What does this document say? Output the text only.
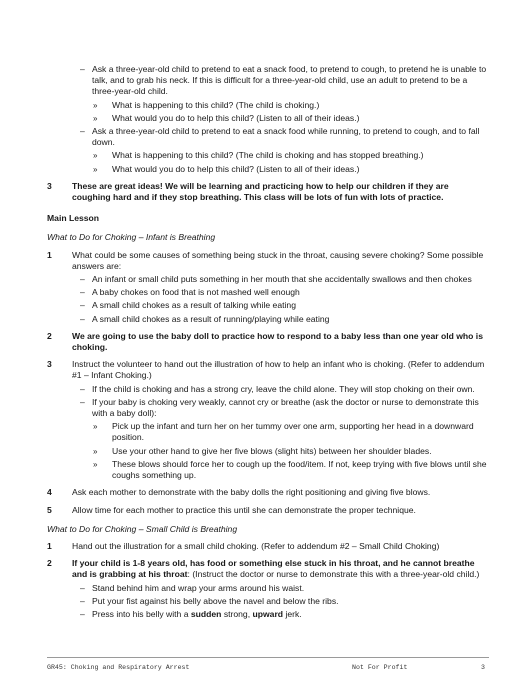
– Ask a three-year-old child to pretend to eat a snack food, to pretend to cough, to pretend he is unable to talk, and to grab his neck. If this is difficult for a three-year-old child, use an adult to pretend to be a three-year-old child.
» What is happening to this child? (The child is choking.)
» What would you do to help this child? (Listen to all of their ideas.)
– Ask a three-year-old child to pretend to eat a snack food while running, to pretend to cough, and to fall down.
» What is happening to this child? (The child is choking and has stopped breathing.)
» What would you do to help this child? (Listen to all of their ideas.)
3 These are great ideas! We will be learning and practicing how to help our children if they are coughing hard and if they stop breathing. This class will be lots of fun with lots of practice.
Main Lesson
What to Do for Choking – Infant is Breathing
1 What could be some causes of something being stuck in the throat, causing severe choking? Some possible answers are:
– An infant or small child puts something in her mouth that she accidentally swallows and then chokes
– A baby chokes on food that is not mashed well enough
– A small child chokes as a result of talking while eating
– A small child chokes as a result of running/playing while eating
2 We are going to use the baby doll to practice how to respond to a baby less than one year old who is choking.
3 Instruct the volunteer to hand out the illustration of how to help an infant who is choking. (Refer to addendum #1 – Infant Choking.)
– If the child is choking and has a strong cry, leave the child alone. They will stop choking on their own.
– If your baby is choking very weakly, cannot cry or breathe (ask the doctor or nurse to demonstrate this with a baby doll):
» Pick up the infant and turn her on her tummy over one arm, supporting her head in a downward position.
» Use your other hand to give her five blows (slight hits) between her shoulder blades.
» These blows should force her to cough up the food/item. If not, keep trying with five blows until she coughs something up.
4 Ask each mother to demonstrate with the baby dolls the right positioning and giving five blows.
5 Allow time for each mother to practice this until she can demonstrate the proper technique.
What to Do for Choking – Small Child is Breathing
1 Hand out the illustration for a small child choking. (Refer to addendum #2 – Small Child Choking)
2 If your child is 1-8 years old, has food or something else stuck in his throat, and he cannot breathe and is grabbing at his throat: (Instruct the doctor or nurse to demonstrate this with a three-year-old child.)
– Stand behind him and wrap your arms around his waist.
– Put your fist against his belly above the navel and below the ribs.
– Press into his belly with a sudden strong, upward jerk.
GR45: Choking and Respiratory Arrest	Not For Profit	3
